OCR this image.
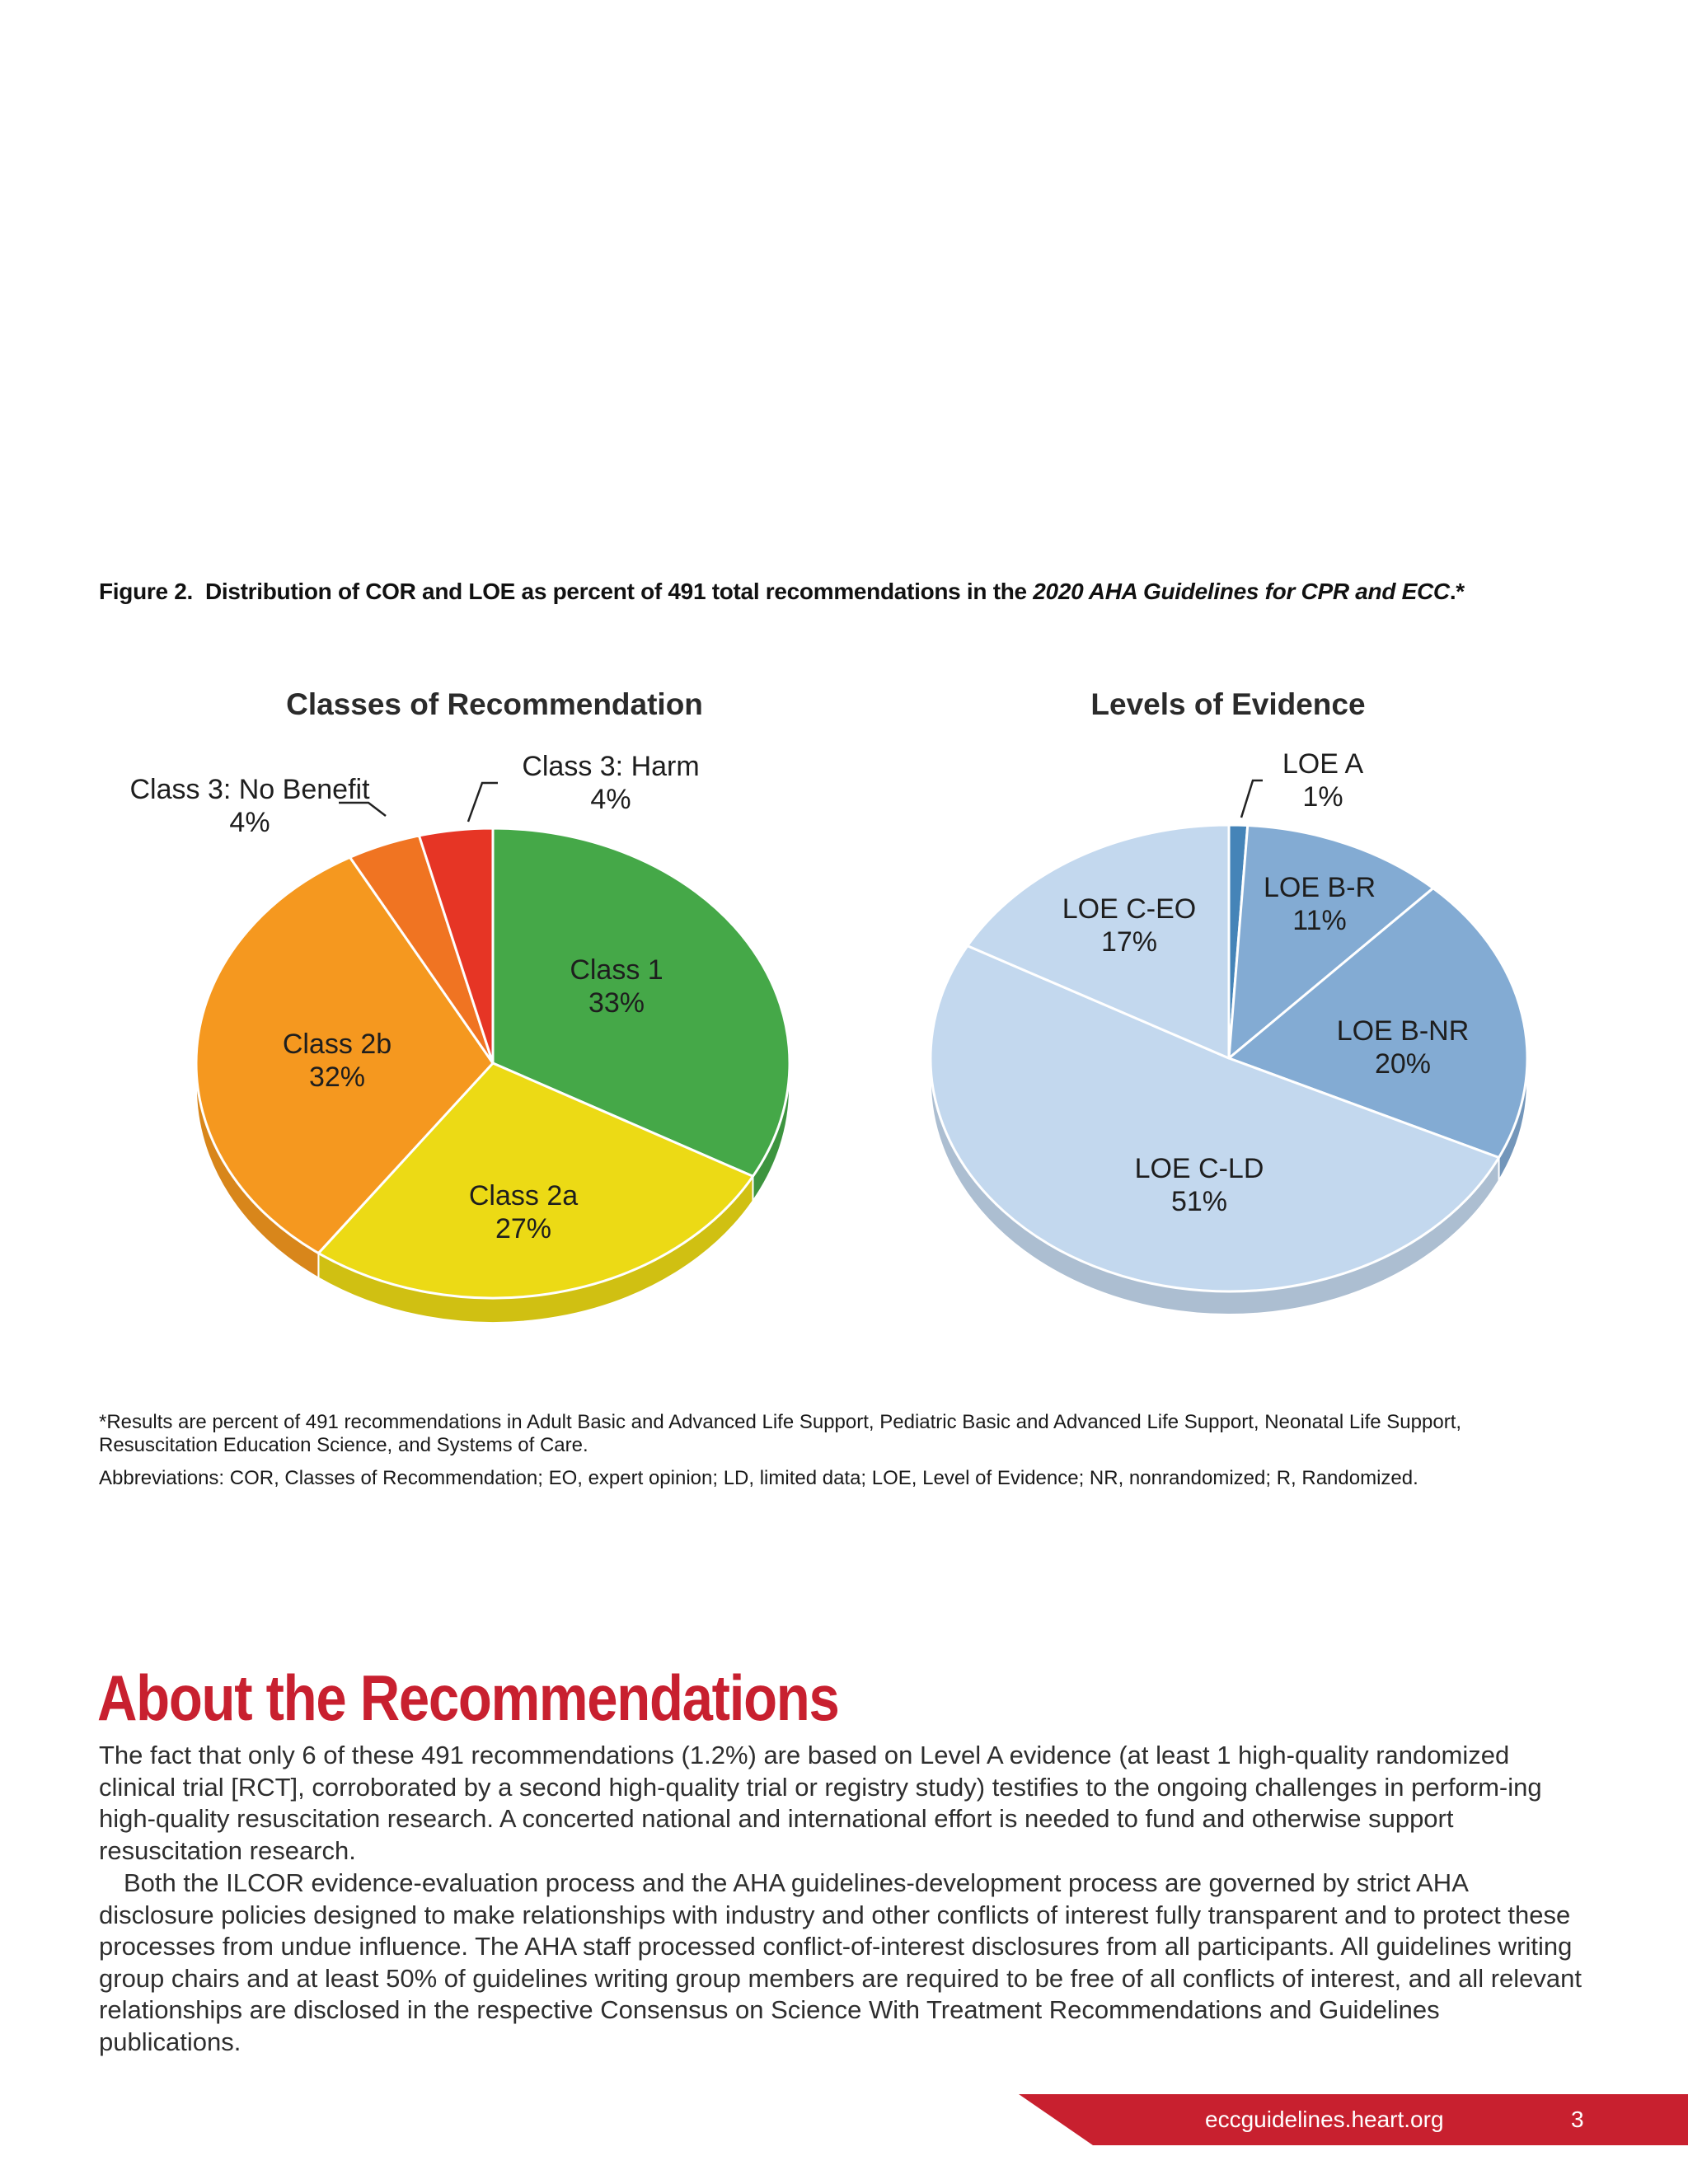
Figure 2. Distribution of COR and LOE as percent of 491 total recommendations in the 2020 AHA Guidelines for CPR and ECC.*
Classes of Recommendation	Levels of Evidence
Class 1
33%
Class 2a
27%
Class 2b
32%
Class 3: No Benefit
4%
Class 3: Harm
4%
LOE A
1%
LOE B-R
11%
LOE B-NR
20%
LOE C-LD
51%
LOE C-EO
17%
*Results are percent of 491 recommendations in Adult Basic and Advanced Life Support, Pediatric Basic and Advanced Life Support, Neonatal Life Support, Resuscitation Education Science, and Systems of Care.
Abbreviations: COR, Classes of Recommendation; EO, expert opinion; LD, limited data; LOE, Level of Evidence; NR, nonrandomized; R, Randomized.
About the Recommendations

The fact that only 6 of these 491 recommendations (1.2%) are based on Level A evidence (at least 1 high-quality randomized clinical trial [RCT], corroborated by a second high-quality trial or registry study) testifies to the ongoing challenges in perform-ing high-quality resuscitation research. A concerted national and international effort is needed to fund and otherwise support resuscitation research.

Both the ILCOR evidence-evaluation process and the AHA guidelines-development process are governed by strict AHA disclosure policies designed to make relationships with industry and other conflicts of interest fully transparent and to protect these processes from undue influence. The AHA staff processed conflict-of-interest disclosures from all participants. All guidelines writing group chairs and at least 50% of guidelines writing group members are required to be free of all conflicts of interest, and all relevant relationships are disclosed in the respective Consensus on Science With Treatment Recommendations and Guidelines publications.

eccguidelines.heart.org	3
